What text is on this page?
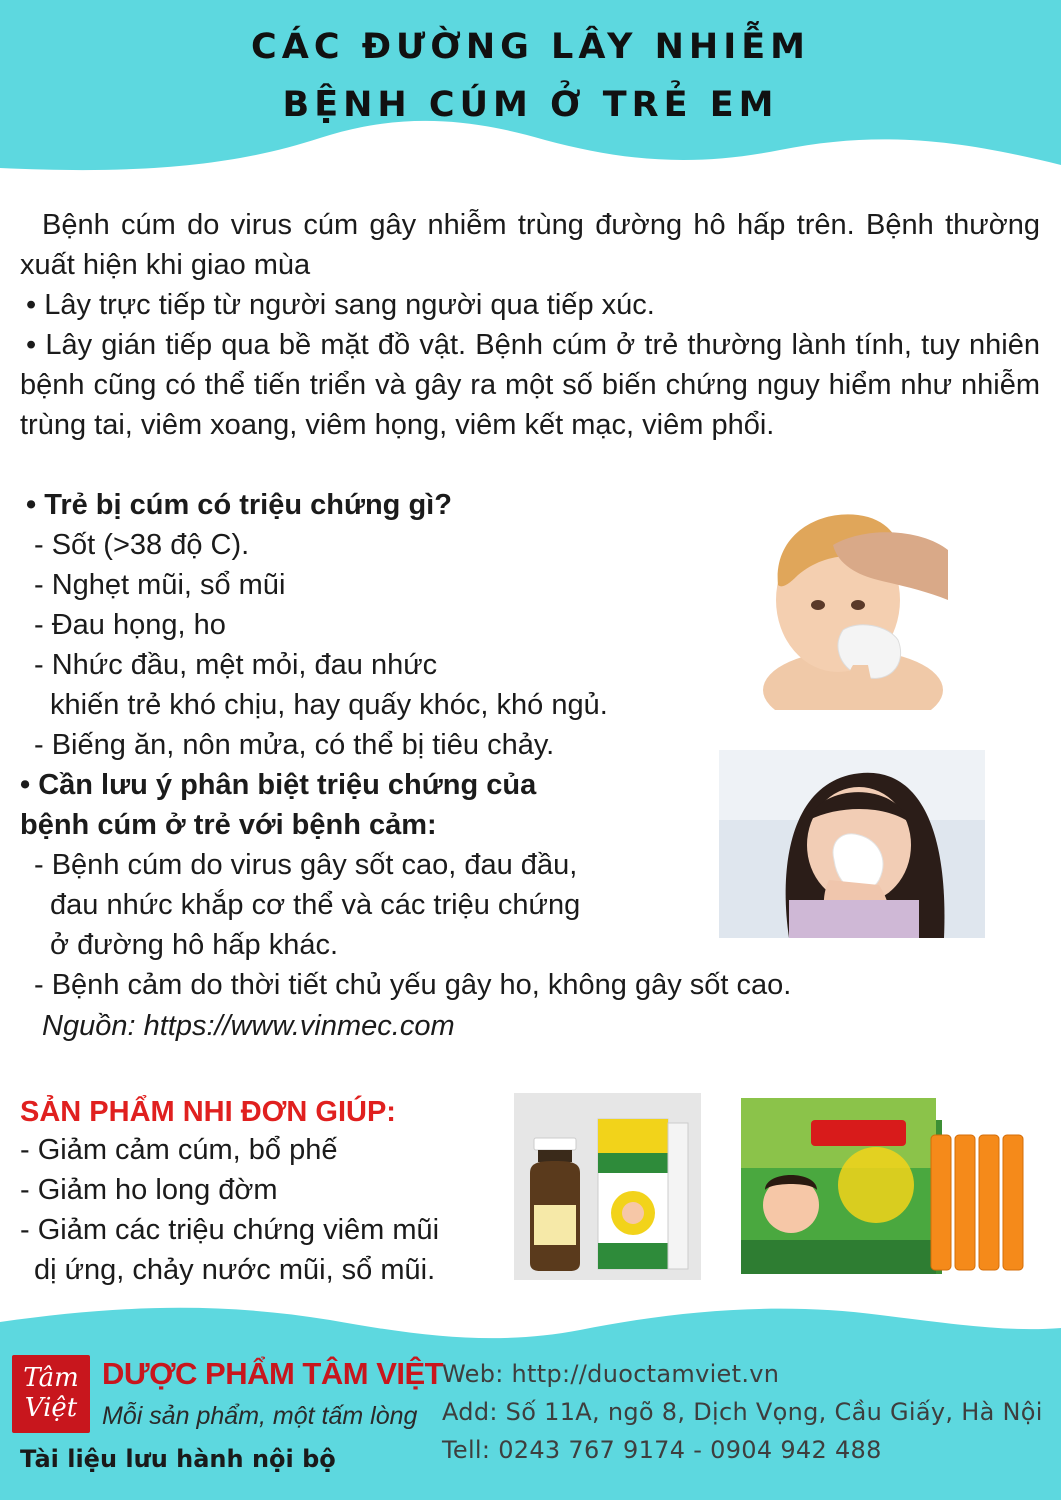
CÁC ĐƯỜNG LÂY NHIỄM
BỆNH CÚM Ở TRẺ EM
Bệnh cúm do virus cúm gây nhiễm trùng đường hô hấp trên. Bệnh thường xuất hiện khi giao mùa
• Lây trực tiếp từ người sang người qua tiếp xúc.
• Lây gián tiếp qua bề mặt đồ vật. Bệnh cúm ở trẻ thường lành tính, tuy nhiên bệnh cũng có thể tiến triển và gây ra một số biến chứng nguy hiểm như nhiễm trùng tai, viêm xoang, viêm họng, viêm kết mạc, viêm phổi.
• Trẻ bị cúm có triệu chứng gì?
- Sốt (>38 độ C).
- Nghẹt mũi, sổ mũi
- Đau họng, ho
- Nhức đầu, mệt mỏi, đau nhức
khiến trẻ khó chịu, hay quấy khóc, khó ngủ.
- Biếng ăn, nôn mửa, có thể bị tiêu chảy.
• Cần lưu ý phân biệt triệu chứng của
bệnh cúm ở trẻ với bệnh cảm:
- Bệnh cúm do virus gây sốt cao, đau đầu,
đau nhức khắp cơ thể và các triệu chứng
ở đường hô hấp khác.
- Bệnh cảm do thời tiết chủ yếu gây ho, không gây sốt cao.
Nguồn: https://www.vinmec.com
SẢN PHẨM NHI ĐƠN GIÚP:
- Giảm cảm cúm, bổ phế
- Giảm ho long đờm
- Giảm các triệu chứng viêm mũi
dị ứng, chảy nước mũi, sổ mũi.
Tâm Việt
DƯỢC PHẨM TÂM VIỆT
Mỗi sản phẩm, một tấm lòng
Tài liệu lưu hành nội bộ
Web: http://duoctamviet.vn
Add: Số 11A, ngõ 8, Dịch Vọng, Cầu Giấy, Hà Nội
Tell: 0243 767 9174 - 0904 942 488
